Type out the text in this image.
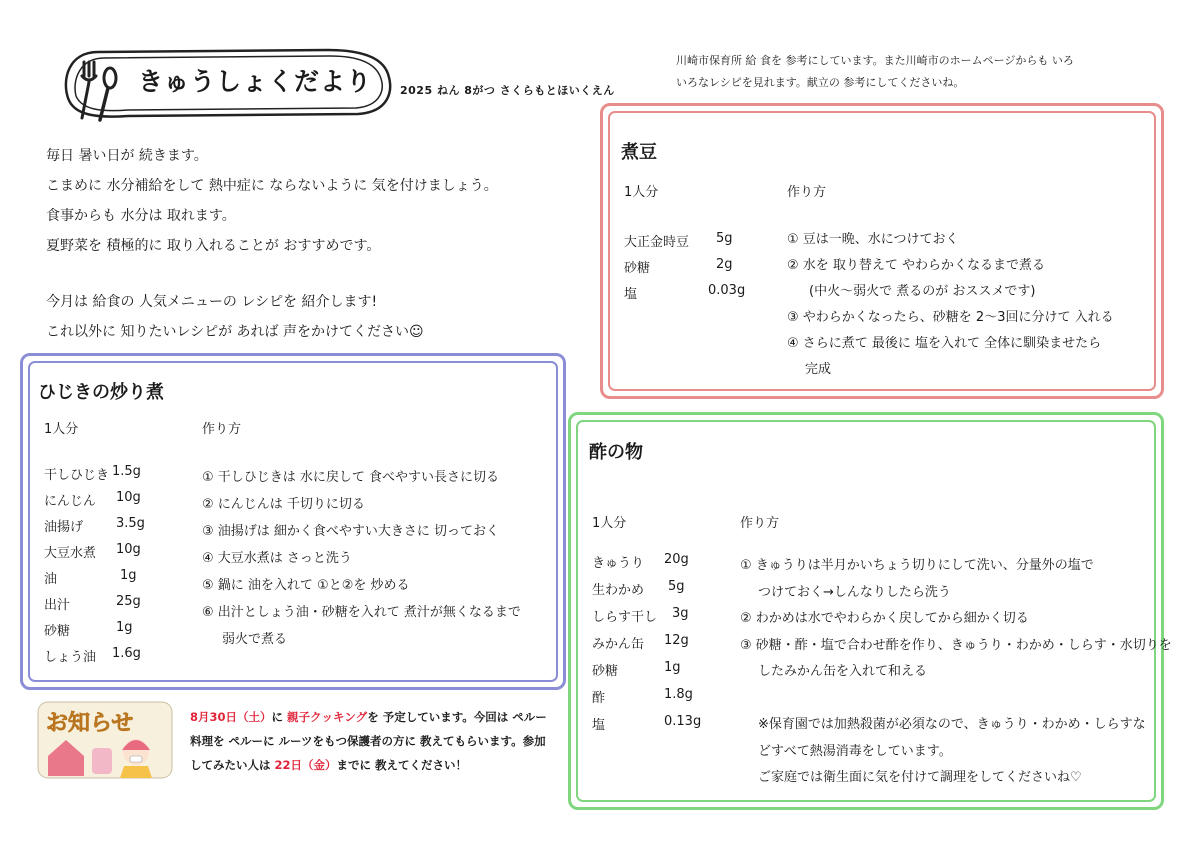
きゅうしょくだより	2025 ねん 8がつ さくらもとほいくえん
川崎市保育所 給 食を 参考にしています。また川崎市のホームページからも いろ
いろなレシピを見れます。献立の 参考にしてくださいね。

毎日 暑い日が 続きます。

こまめに 水分補給をして 熱中症に ならないように 気を付けましょう。

食事からも 水分は 取れます。

夏野菜を 積極的に 取り入れることが おすすめです。

今月は 給食の 人気メニューの レシピを 紹介します!

これ以外に 知りたいレシピが あれば 声をかけてください☺

ひじきの炒り煮
1人分	作り方
干しひじき 1.5g
にんじん	10g
油揚げ	3.5g
大豆水煮	10g
油	1g
出汁	25g
砂糖	1g
しょう油	1.6g

① 干しひじきは 水に戻して 食べやすい長さに切る

② にんじんは 千切りに切る

③ 油揚げは 細かく食べやすい大きさに 切っておく

④ 大豆水煮は さっと洗う

⑤ 鍋に 油を入れて ①と②を 炒める

⑥ 出汁としょう油・砂糖を入れて 煮汁が無くなるまで

弱火で煮る

煮豆
1人分	作り方
大正金時豆	5g
砂糖	2g
塩	0.03g

① 豆は一晩、水につけておく

② 水を 取り替えて やわらかくなるまで煮る

(中火～弱火で 煮るのが おススメです)

③ やわらかくなったら、砂糖を 2～3回に分けて 入れる

④ さらに煮て 最後に 塩を入れて 全体に馴染ませたら

完成

酢の物
1人分	作り方
きゅうり	20g
生わかめ	5g
しらす干し	3g
みかん缶	12g
砂糖	1g
酢	1.8g
塩	0.13g

① きゅうりは半月かいちょう切りにして洗い、分量外の塩で

つけておく→しんなりしたら洗う

② わかめは水でやわらかく戻してから細かく切る

③ 砂糖・酢・塩で合わせ酢を作り、きゅうり・わかめ・しらす・水切りを

したみかん缶を入れて和える

※保育園では加熱殺菌が必須なので、きゅうり・わかめ・しらすな

どすべて熱湯消毒をしています。

ご家庭では衛生面に気を付けて調理をしてくださいね♡

お知らせ	8月30日（土）に 親子クッキングを 予定しています。今回は ペルー料理を ペルーに ルーツをもつ保護者の方に 教えてもらいます。参加してみたい人は 22日（金）までに 教えてください！
